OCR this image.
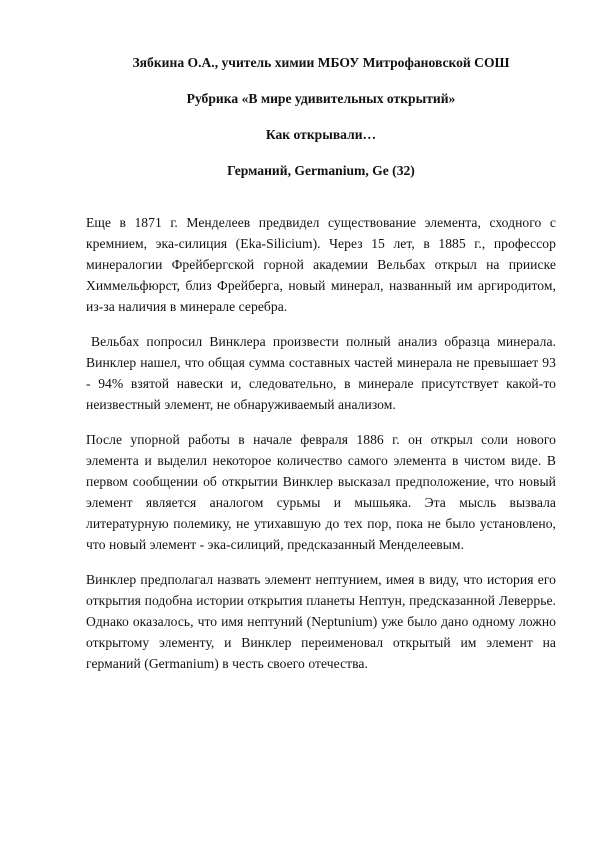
Зябкина О.А., учитель химии МБОУ Митрофановской СОШ

Рубрика «В мире удивительных открытий»

Как открывали…

Германий, Germanium, Ge (32)

Еще в 1871 г. Менделеев предвидел существование элемента, сходного с кремнием, эка-силиция (Eka-Silicium). Через 15 лет, в 1885 г., профессор минералогии Фрейбергской горной академии Вельбах открыл на прииске Химмельфюрст, близ Фрейберга, новый минерал, названный им аргиродитом, из-за наличия в минерале серебра.

Вельбах попросил Винклера произвести полный анализ образца минерала. Винклер нашел, что общая сумма составных частей минерала не превышает 93 - 94% взятой навески и, следовательно, в минерале присутствует какой-то неизвестный элемент, не обнаруживаемый анализом.

После упорной работы в начале февраля 1886 г. он открыл соли нового элемента и выделил некоторое количество самого элемента в чистом виде. В первом сообщении об открытии Винклер высказал предположение, что новый элемент является аналогом сурьмы и мышьяка. Эта мысль вызвала литературную полемику, не утихавшую до тех пор, пока не было установлено, что новый элемент - эка-силиций, предсказанный Менделеевым.

Винклер предполагал назвать элемент нептунием, имея в виду, что история его открытия подобна истории открытия планеты Нептун, предсказанной Леверрье. Однако оказалось, что имя нептуний (Neptunium) уже было дано одному ложно открытому элементу, и Винклер переименовал открытый им элемент на германий (Germanium) в честь своего отечества.
